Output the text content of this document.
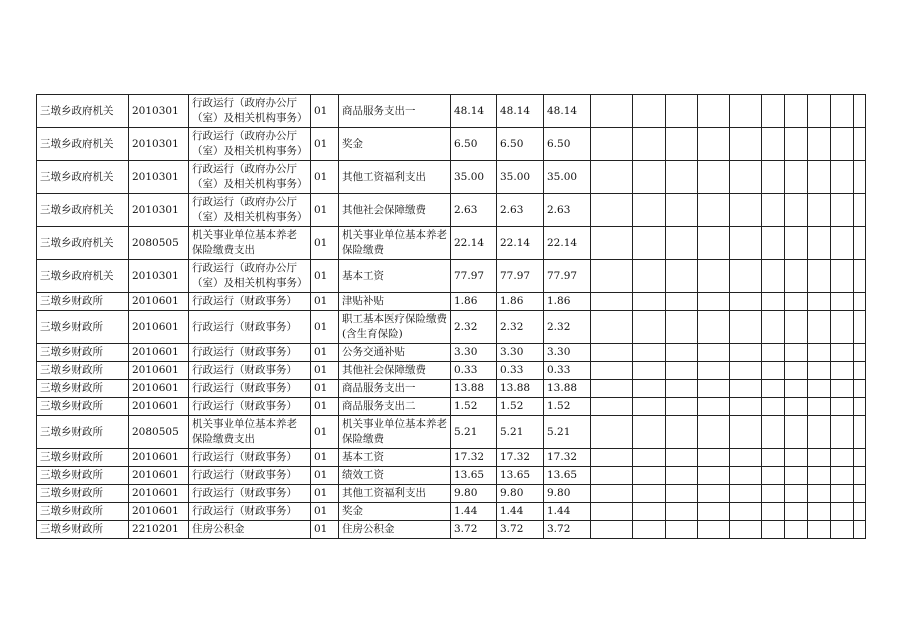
三墩乡政府机关	2010301	行政运行（政府办公厅（室）及相关机构事务）	01	商品服务支出一	48.14	48.14	48.14										
三墩乡政府机关	2010301	行政运行（政府办公厅（室）及相关机构事务）	01	奖金	6.50	6.50	6.50										
三墩乡政府机关	2010301	行政运行（政府办公厅（室）及相关机构事务）	01	其他工资福利支出	35.00	35.00	35.00										
三墩乡政府机关	2010301	行政运行（政府办公厅（室）及相关机构事务）	01	其他社会保障缴费	2.63	2.63	2.63										
三墩乡政府机关	2080505	机关事业单位基本养老保险缴费支出	01	机关事业单位基本养老保险缴费	22.14	22.14	22.14										
三墩乡政府机关	2010301	行政运行（政府办公厅（室）及相关机构事务）	01	基本工资	77.97	77.97	77.97										
三墩乡财政所	2010601	行政运行（财政事务）	01	津贴补贴	1.86	1.86	1.86										
三墩乡财政所	2010601	行政运行（财政事务）	01	职工基本医疗保险缴费(含生育保险)	2.32	2.32	2.32										
三墩乡财政所	2010601	行政运行（财政事务）	01	公务交通补贴	3.30	3.30	3.30										
三墩乡财政所	2010601	行政运行（财政事务）	01	其他社会保障缴费	0.33	0.33	0.33										
三墩乡财政所	2010601	行政运行（财政事务）	01	商品服务支出一	13.88	13.88	13.88										
三墩乡财政所	2010601	行政运行（财政事务）	01	商品服务支出二	1.52	1.52	1.52										
三墩乡财政所	2080505	机关事业单位基本养老保险缴费支出	01	机关事业单位基本养老保险缴费	5.21	5.21	5.21										
三墩乡财政所	2010601	行政运行（财政事务）	01	基本工资	17.32	17.32	17.32										
三墩乡财政所	2010601	行政运行（财政事务）	01	绩效工资	13.65	13.65	13.65										
三墩乡财政所	2010601	行政运行（财政事务）	01	其他工资福利支出	9.80	9.80	9.80										
三墩乡财政所	2010601	行政运行（财政事务）	01	奖金	1.44	1.44	1.44										
三墩乡财政所	2210201	住房公积金	01	住房公积金	3.72	3.72	3.72										
